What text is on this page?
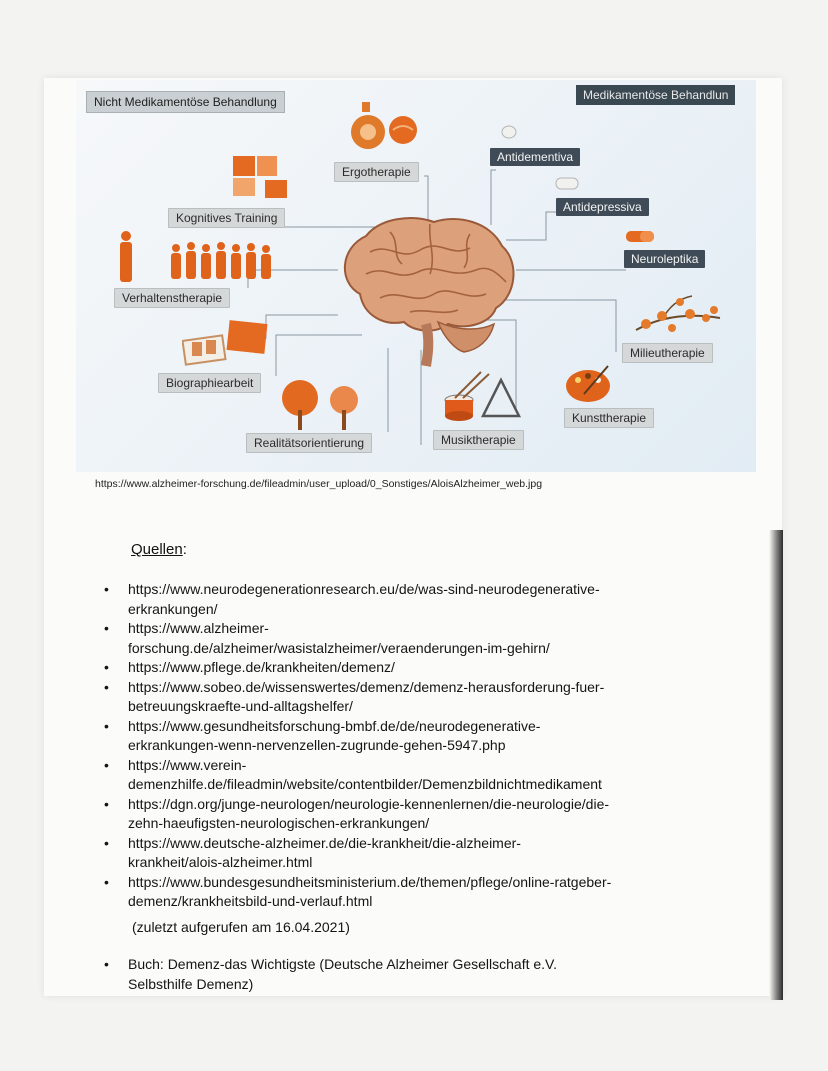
Nicht Medikamentöse Behandlung	Medikamentöse Behandlun
Ergotherapie
Kognitives Training
Verhaltenstherapie
Biographiearbeit
Realitätsorientierung	Musiktherapie
Kunsttherapie
Milieutherapie
Neuroleptika
Antidepressiva
Antidementiva
https://www.alzheimer-forschung.de/fileadmin/user_upload/0_Sonstiges/AloisAlzheimer_web.jpg
Quellen:
• https://www.neurodegenerationresearch.eu/de/was-sind-neurodegenerative-
erkrankungen/
• https://www.alzheimer-
forschung.de/alzheimer/wasistalzheimer/veraenderungen-im-gehirn/
• https://www.pflege.de/krankheiten/demenz/
• https://www.sobeo.de/wissenswertes/demenz/demenz-herausforderung-fuer-
betreuungskraefte-und-alltagshelfer/
• https://www.gesundheitsforschung-bmbf.de/de/neurodegenerative-
erkrankungen-wenn-nervenzellen-zugrunde-gehen-5947.php
• https://www.verein-
demenzhilfe.de/fileadmin/website/contentbilder/Demenzbildnichtmedikament
• https://dgn.org/junge-neurologen/neurologie-kennenlernen/die-neurologie/die-
zehn-haeufigsten-neurologischen-erkrankungen/
• https://www.deutsche-alzheimer.de/die-krankheit/die-alzheimer-
krankheit/alois-alzheimer.html
• https://www.bundesgesundheitsministerium.de/themen/pflege/online-ratgeber-
demenz/krankheitsbild-und-verlauf.html
(zuletzt aufgerufen am 16.04.2021)
• Buch: Demenz-das Wichtigste (Deutsche Alzheimer Gesellschaft e.V.
Selbsthilfe Demenz)
